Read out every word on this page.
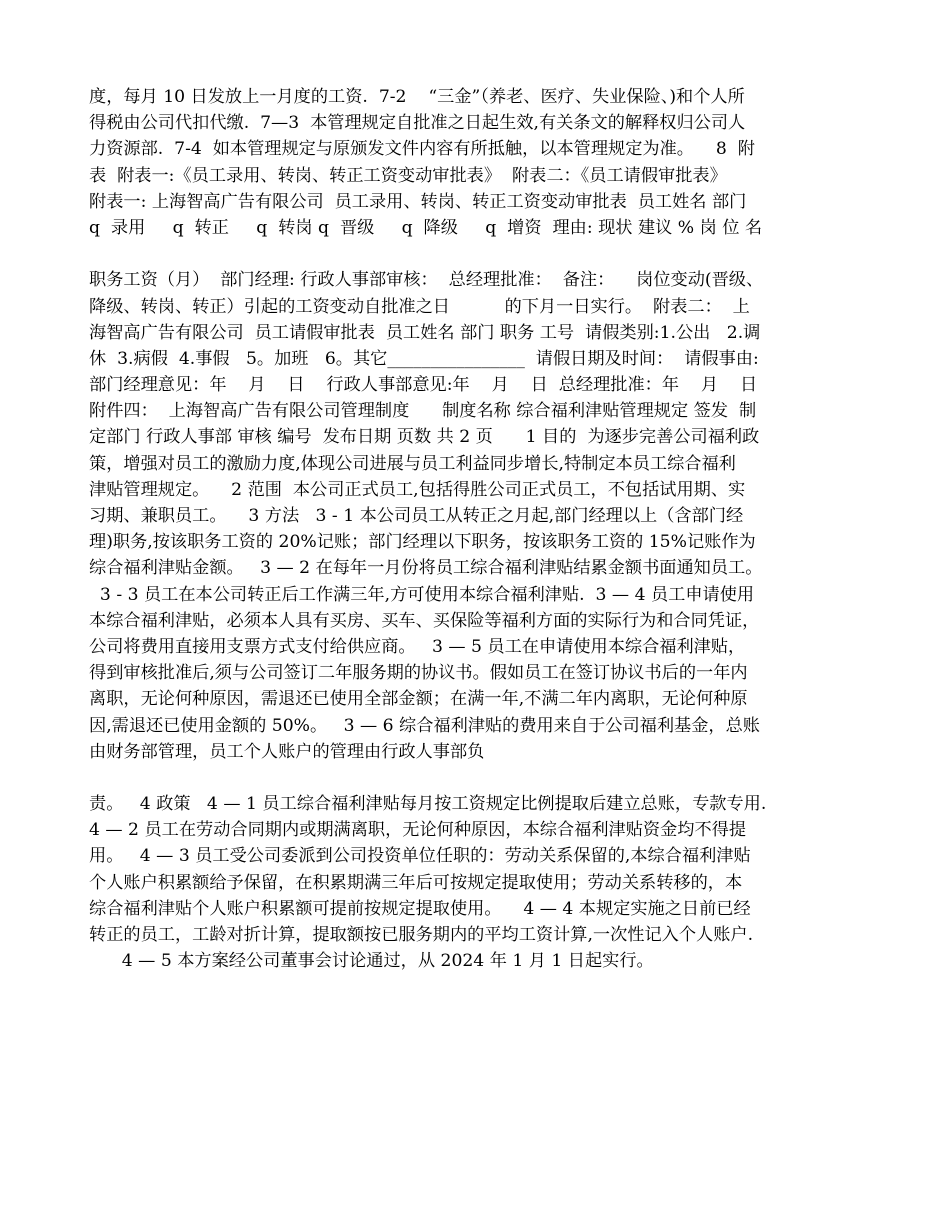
度，每月 10 日发放上一月度的工资.  7-2    “三金”（养老、医疗、失业保险、)和个人所
得税由公司代扣代缴.  7—3  本管理规定自批准之日起生效,有关条文的解释权归公司人
力资源部.  7-4  如本管理规定与原颁发文件内容有所抵触，以本管理规定为准。    8  附
表  附表一:《员工录用、转岗、转正工资变动审批表》  附表二：《员工请假审批表》
附表一: 上海智高广告有限公司  员工录用、转岗、转正工资变动审批表  员工姓名 部门
q  录用     q  转正     q  转岗 q  晋级     q  降级     q  增资  理由: 现状 建议 % 岗 位 名
职务工资（月）  部门经理: 行政人事部审核：  总经理批准：  备注：    岗位变动(晋级、
降级、转岗、转正）引起的工资变动自批准之日          的下月一日实行。  附表二：  上
海智高广告有限公司  员工请假审批表  员工姓名 部门 职务 工号  请假类别:1.公出   2.调
休  3.病假  4.事假   5。加班   6。其它________________  请假日期及时间：  请假事由:
部门经理意见：年    月    日    行政人事部意见:年    月    日  总经理批准：年    月    日
附件四：  上海智高广告有限公司管理制度      制度名称 综合福利津贴管理规定 签发  制
定部门 行政人事部 审核 编号  发布日期 页数 共 2 页      1 目的  为逐步完善公司福利政
策，增强对员工的激励力度,体现公司进展与员工利益同步增长,特制定本员工综合福利
津贴管理规定。    2 范围  本公司正式员工,包括得胜公司正式员工，不包括试用期、实
习期、兼职员工。    3 方法   3 - 1 本公司员工从转正之月起,部门经理以上（含部门经
理)职务,按该职务工资的 20%记账；部门经理以下职务，按该职务工资的 15%记账作为
综合福利津贴金额。   3 — 2 在每年一月份将员工综合福利津贴结累金额书面通知员工。
3 - 3 员工在本公司转正后工作满三年,方可使用本综合福利津贴.  3 — 4 员工申请使用
本综合福利津贴，必须本人具有买房、买车、买保险等福利方面的实际行为和合同凭证，
公司将费用直接用支票方式支付给供应商。   3 — 5 员工在申请使用本综合福利津贴，
得到审核批准后,须与公司签订二年服务期的协议书。假如员工在签订协议书后的一年内
离职，无论何种原因，需退还已使用全部金额；在满一年,不满二年内离职，无论何种原
因,需退还已使用金额的 50%。   3 — 6 综合福利津贴的费用来自于公司福利基金，总账
由财务部管理，员工个人账户的管理由行政人事部负
责。   4 政策   4 — 1 员工综合福利津贴每月按工资规定比例提取后建立总账，专款专用.
4 — 2 员工在劳动合同期内或期满离职，无论何种原因，本综合福利津贴资金均不得提
用。   4 — 3 员工受公司委派到公司投资单位任职的：劳动关系保留的,本综合福利津贴
个人账户积累额给予保留，在积累期满三年后可按规定提取使用；劳动关系转移的，本
综合福利津贴个人账户积累额可提前按规定提取使用。    4 — 4 本规定实施之日前已经
转正的员工，工龄对折计算，提取额按已服务期内的平均工资计算,一次性记入个人账户.
4 — 5 本方案经公司董事会讨论通过，从 2024 年 1 月 1 日起实行。
